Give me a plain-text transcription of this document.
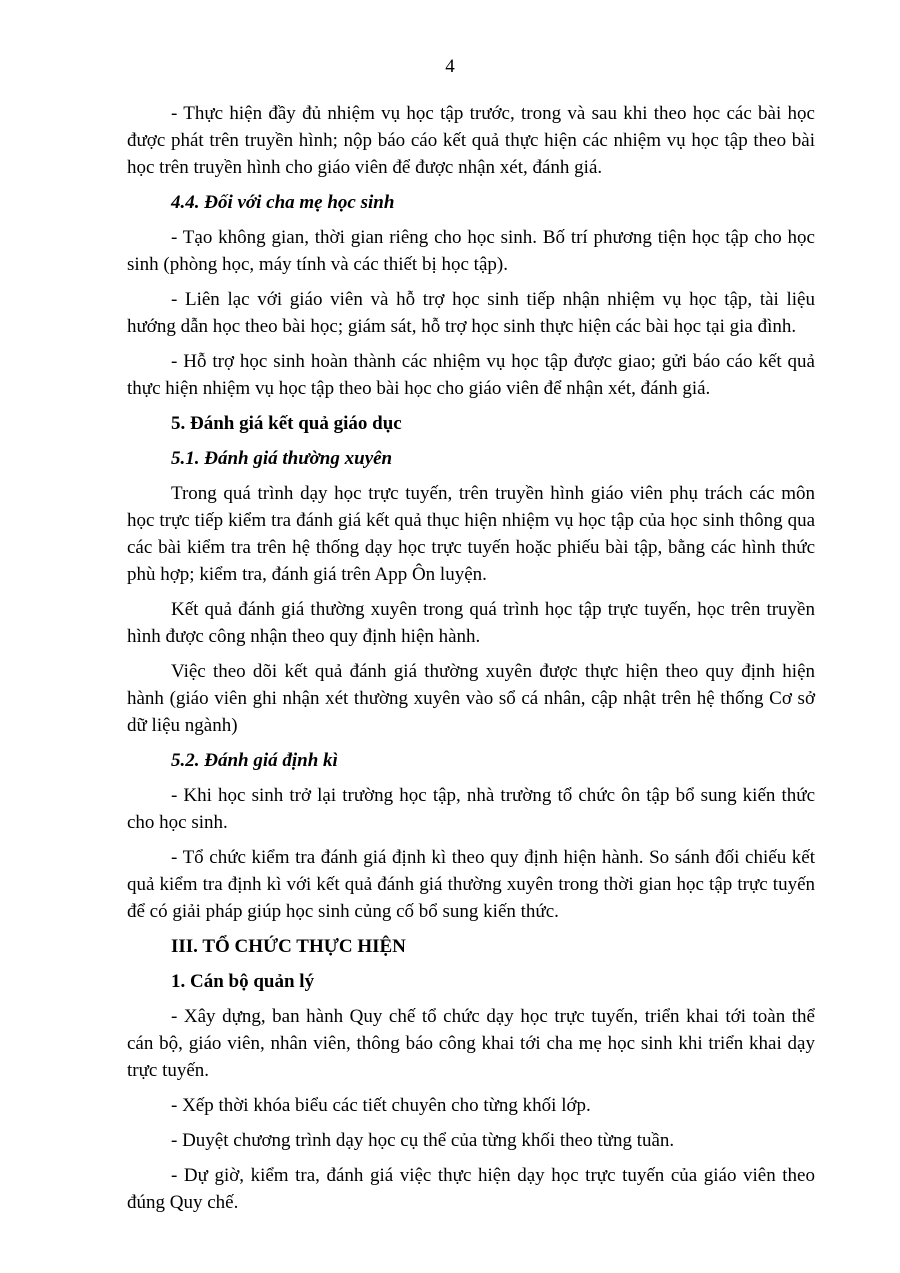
4

- Thực hiện đầy đủ nhiệm vụ học tập trước, trong và sau khi theo học các bài học được phát trên truyền hình; nộp báo cáo kết quả thực hiện các nhiệm vụ học tập theo bài học trên truyền hình cho giáo viên để được nhận xét, đánh giá.

4.4. Đối với cha mẹ học sinh

- Tạo không gian, thời gian riêng cho học sinh. Bố trí phương tiện học tập cho học sinh (phòng học, máy tính và các thiết bị học tập).

- Liên lạc với giáo viên và hỗ trợ học sinh tiếp nhận nhiệm vụ học tập, tài liệu hướng dẫn học theo bài học; giám sát, hỗ trợ học sinh thực hiện các bài học tại gia đình.

- Hỗ trợ học sinh hoàn thành các nhiệm vụ học tập được giao; gửi báo cáo kết quả thực hiện nhiệm vụ học tập theo bài học cho giáo viên để nhận xét, đánh giá.

5. Đánh giá kết quả giáo dục

5.1. Đánh giá thường xuyên

Trong quá trình dạy học trực tuyến, trên truyền hình giáo viên phụ trách các môn học trực tiếp kiểm tra đánh giá kết quả thục hiện nhiệm vụ học tập của học sinh thông qua các bài kiểm tra trên hệ thống dạy học trực tuyến hoặc phiếu bài tập, bằng các hình thức phù hợp; kiểm tra, đánh giá trên App Ôn luyện.

Kết quả đánh giá thường xuyên trong quá trình học tập trực tuyến, học trên truyền hình được công nhận theo quy định hiện hành.

Việc theo dõi kết quả đánh giá thường xuyên được thực hiện theo quy định hiện hành (giáo viên ghi nhận xét thường xuyên vào sổ cá nhân, cập nhật trên hệ thống Cơ sở dữ liệu ngành)

5.2. Đánh giá định kì

- Khi học sinh trở lại trường học tập, nhà trường tổ chức ôn tập bổ sung kiến thức cho học sinh.

- Tổ chức kiểm tra đánh giá định kì theo quy định hiện hành. So sánh đối chiếu kết quả kiểm tra định kì với kết quả đánh giá thường xuyên trong thời gian học tập trực tuyến để có giải pháp giúp học sinh củng cố bổ sung kiến thức.

III. TỔ CHỨC THỰC HIỆN

1. Cán bộ quản lý

- Xây dựng, ban hành Quy chế tổ chức dạy học trực tuyến, triển khai tới toàn thể cán bộ, giáo viên, nhân viên, thông báo công khai tới cha mẹ học sinh khi triển khai dạy trực tuyến.

- Xếp thời khóa biểu các tiết chuyên cho từng khối lớp.

- Duyệt chương trình dạy học cụ thể của từng khối theo từng tuần.

- Dự giờ, kiểm tra, đánh giá việc thực hiện dạy học trực tuyến của giáo viên theo đúng Quy chế.
